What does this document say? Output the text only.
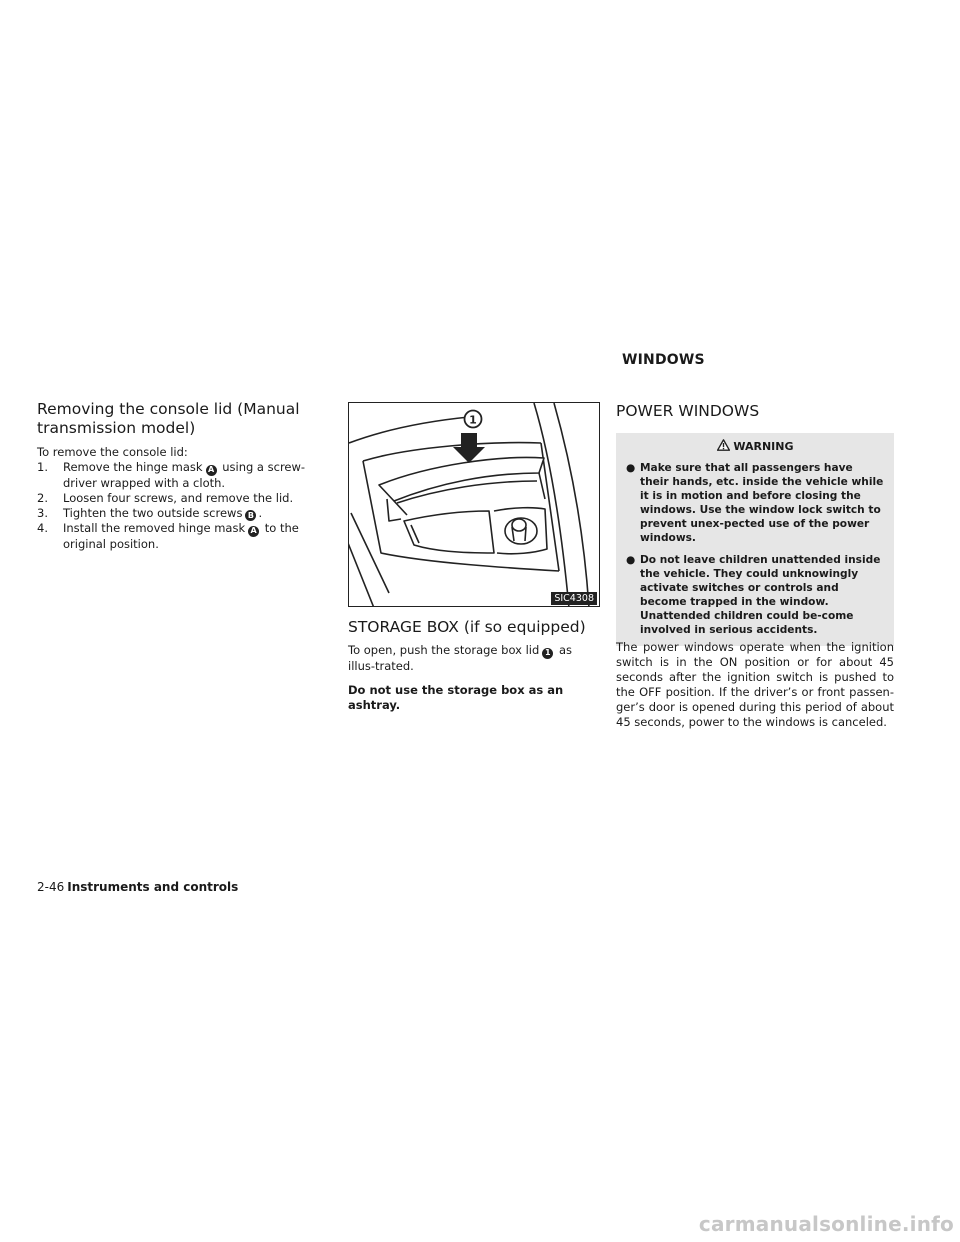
WINDOWS
Removing the console lid (Manual
transmission model)

To remove the console lid:

1. Remove the hinge mask A using a screw-driver wrapped with a cloth.

2. Loosen four screws, and remove the lid.

3. Tighten the two outside screws B .

4. Install the removed hinge mask A to the original position.

1
SIC4308
STORAGE BOX (if so equipped)

To open, push the storage box lid 1 as illus-trated.

Do not use the storage box as an ashtray.

POWER WINDOWS
WARNING
● Make sure that all passengers have their hands, etc. inside the vehicle while it is in motion and before closing the windows. Use the window lock switch to prevent unex-pected use of the power windows.
● Do not leave children unattended inside the vehicle. They could unknowingly activate switches or controls and become trapped in the window. Unattended children could be-come involved in serious accidents.

The power windows operate when the ignition switch is in the ON position or for about 45 seconds after the ignition switch is pushed to the OFF position. If the driver’s or front passen-ger’s door is opened during this period of about 45 seconds, power to the windows is canceled.

2-46 Instruments and controls
carmanualsonline.info
